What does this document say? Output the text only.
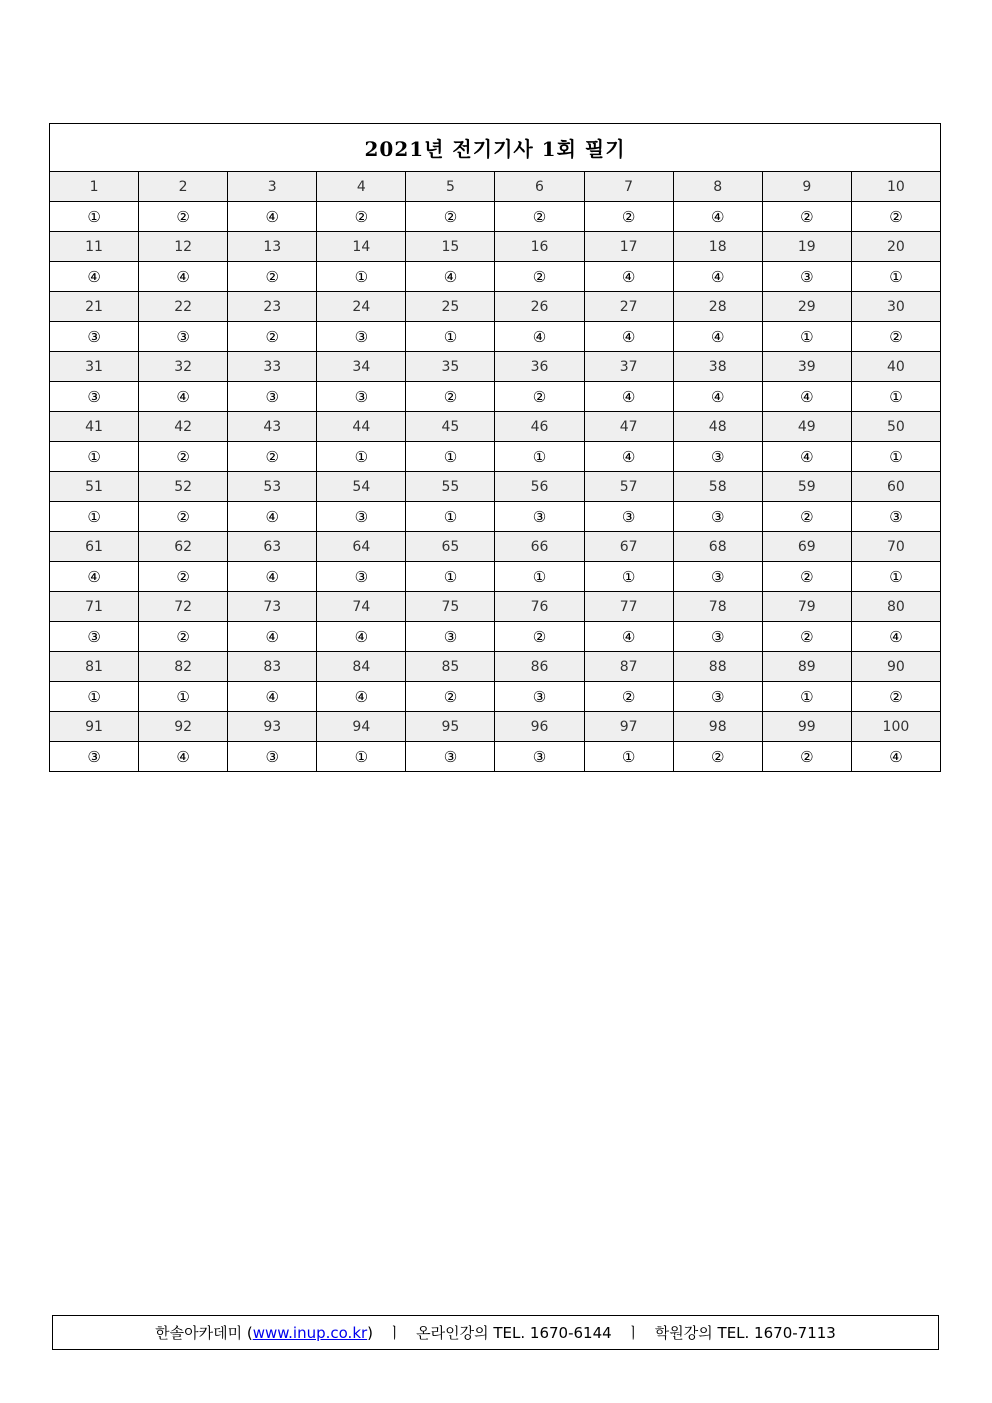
2021년 전기기사 1회 필기									
1	2	3	4	5	6	7	8	9	10
①	②	④	②	②	②	②	④	②	②
11	12	13	14	15	16	17	18	19	20
④	④	②	①	④	②	④	④	③	①
21	22	23	24	25	26	27	28	29	30
③	③	②	③	①	④	④	④	①	②
31	32	33	34	35	36	37	38	39	40
③	④	③	③	②	②	④	④	④	①
41	42	43	44	45	46	47	48	49	50
①	②	②	①	①	①	④	③	④	①
51	52	53	54	55	56	57	58	59	60
①	②	④	③	①	③	③	③	②	③
61	62	63	64	65	66	67	68	69	70
④	②	④	③	①	①	①	③	②	①
71	72	73	74	75	76	77	78	79	80
③	②	④	④	③	②	④	③	②	④
81	82	83	84	85	86	87	88	89	90
①	①	④	④	②	③	②	③	①	②
91	92	93	94	95	96	97	98	99	100
③	④	③	①	③	③	①	②	②	④
한솔아카데미 ( www.inup.co.kr )
ㅣ
온라인강의 TEL. 1670-6144
ㅣ
학원강의 TEL. 1670-7113
